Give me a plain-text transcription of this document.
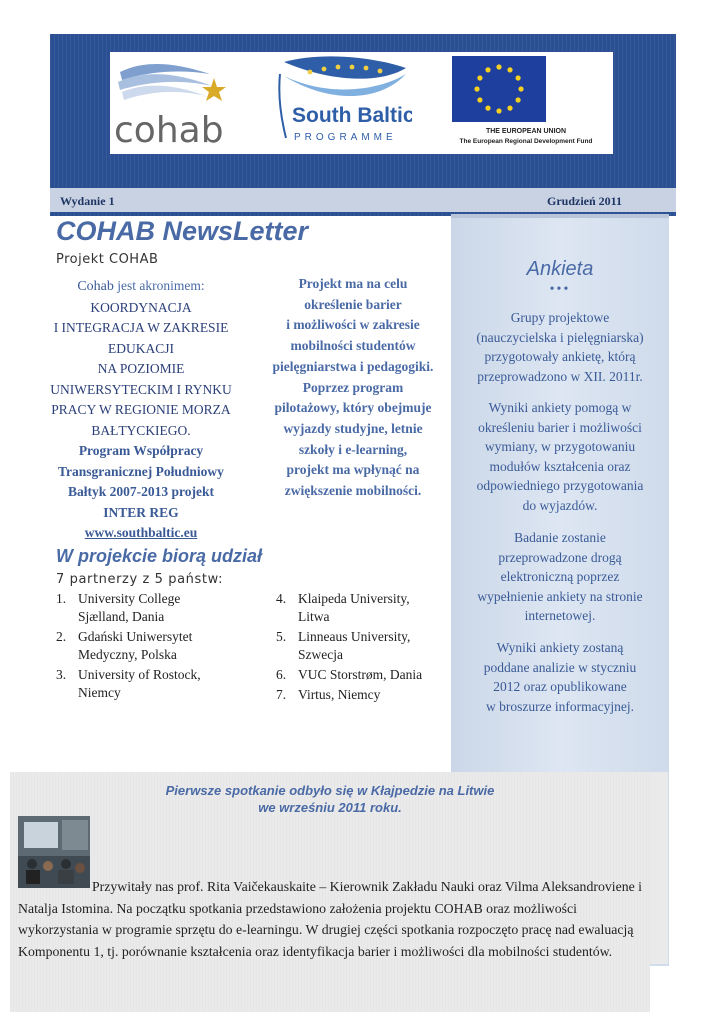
cohab	South Baltic
PROGRAMME
THE EUROPEAN UNION
The European Regional Development Fund
Wydanie 1	Grudzień 2011
Ankieta
•••
Grupy projektowe
(nauczycielska i pielęgniarska)
przygotowały ankietę, którą
przeprowadzono w XII. 2011r.
Wyniki ankiety pomogą w
określeniu barier i możliwości
wymiany, w przygotowaniu
modułów kształcenia oraz
odpowiedniego przygotowania
do wyjazdów.
Badanie zostanie
przeprowadzone drogą
elektroniczną poprzez
wypełnienie ankiety na stronie
internetowej.
Wyniki ankiety zostaną
poddane analizie w styczniu
2012 oraz opublikowane
w broszurze informacyjnej.
COHAB NewsLetter
Projekt COHAB
Cohab jest akronimem:
KOORDYNACJA
I INTEGRACJA W ZAKRESIE
EDUKACJI
NA POZIOMIE
UNIWERSYTECKIM I RYNKU
PRACY W REGIONIE MORZA
BAŁTYCKIEGO.
Program Współpracy
Transgranicznej Południowy
Bałtyk 2007-2013 projekt
INTER REG
www.southbaltic.eu
Projekt ma na celu
określenie barier
i możliwości w zakresie
mobilności studentów
pielęgniarstwa i pedagogiki.
Poprzez program
pilotażowy, który obejmuje
wyjazdy studyjne, letnie
szkoły i e-learning,
projekt ma wpłynąć na
zwiększenie mobilności.
W projekcie biorą udział
7 partnerzy z 5 państw:
1. University College
Sjælland, Dania
2. Gdański Uniwersytet
Medyczny, Polska
3. University of Rostock,
Niemcy
4. Klaipeda University,
Litwa
5. Linneaus University,
Szwecja
6. VUC Storstrøm, Dania
7. Virtus, Niemcy
Pierwsze spotkanie odbyło się w Kłajpedzie na Litwie
we wrześniu 2011 roku.
Przywitały nas prof. Rita Vaičekauskaite – Kierownik Zakładu Nauki oraz Vilma Aleksandroviene i Natalja Istomina. Na początku spotkania przedstawiono założenia projektu COHAB oraz możliwości wykorzystania w programie sprzętu do e-learningu. W drugiej części spotkania rozpoczęto pracę nad ewaluacją Komponentu 1, tj. porównanie kształcenia oraz identyfikacja barier i możliwości dla mobilności studentów.
